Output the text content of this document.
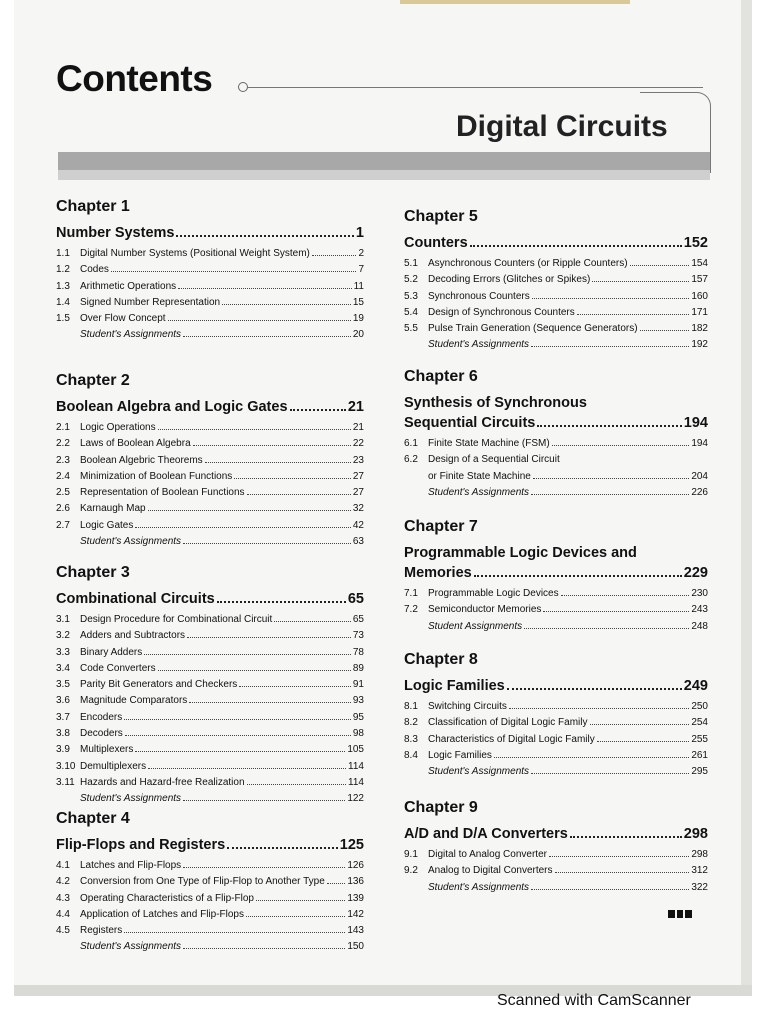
Contents
Digital Circuits
Chapter 1
Number Systems	1
1.1	Digital Number Systems (Positional Weight System)	2
1.2	Codes	7
1.3	Arithmetic Operations	11
1.4	Signed Number Representation	15
1.5	Over Flow Concept	19
Student's Assignments	20
Chapter 2
Boolean Algebra and Logic Gates	21
2.1	Logic Operations	21
2.2	Laws of Boolean Algebra	22
2.3	Boolean Algebric Theorems	23
2.4	Minimization of Boolean Functions	27
2.5	Representation of Boolean Functions	27
2.6	Karnaugh Map	32
2.7	Logic Gates	42
Student's Assignments	63
Chapter 3
Combinational Circuits	65
3.1	Design Procedure for Combinational Circuit	65
3.2	Adders and Subtractors	73
3.3	Binary Adders	78
3.4	Code Converters	89
3.5	Parity Bit Generators and Checkers	91
3.6	Magnitude Comparators	93
3.7	Encoders	95
3.8	Decoders	98
3.9	Multiplexers	105
3.10 Demultiplexers	114
3.11 Hazards and Hazard-free Realization	114
Student's Assignments	122
Chapter 4
Flip-Flops and Registers	125
4.1	Latches and Flip-Flops	126
4.2	Conversion from One Type of Flip-Flop to Another Type 136
4.3	Operating Characteristics of a Flip-Flop	139
4.4	Application of Latches and Flip-Flops	142
4.5	Registers	143
Student's Assignments	150
Chapter 5
Counters	152
5.1	Asynchronous Counters (or Ripple Counters)	154
5.2	Decoding Errors (Glitches or Spikes)	157
5.3	Synchronous Counters	160
5.4	Design of Synchronous Counters	171
5.5	Pulse Train Generation (Sequence Generators)	182
Student's Assignments	192
Chapter 6
Synthesis of Synchronous
Sequential Circuits	194
6.1	Finite State Machine (FSM)	194
6.2	Design of a Sequential Circuit
or Finite State Machine	204
Student's Assignments	226
Chapter 7
Programmable Logic Devices and
Memories	229
7.1	Programmable Logic Devices	230
7.2	Semiconductor Memories	243
Student Assignments	248
Chapter 8
Logic Families	249
8.1	Switching Circuits	250
8.2	Classification of Digital Logic Family	254
8.3	Characteristics of Digital Logic Family	255
8.4	Logic Families	261
Student's Assignments	295
Chapter 9
A/D and D/A Converters	298
9.1	Digital to Analog Converter	298
9.2	Analog to Digital Converters	312
Student's Assignments	322
Scanned with CamScanner
